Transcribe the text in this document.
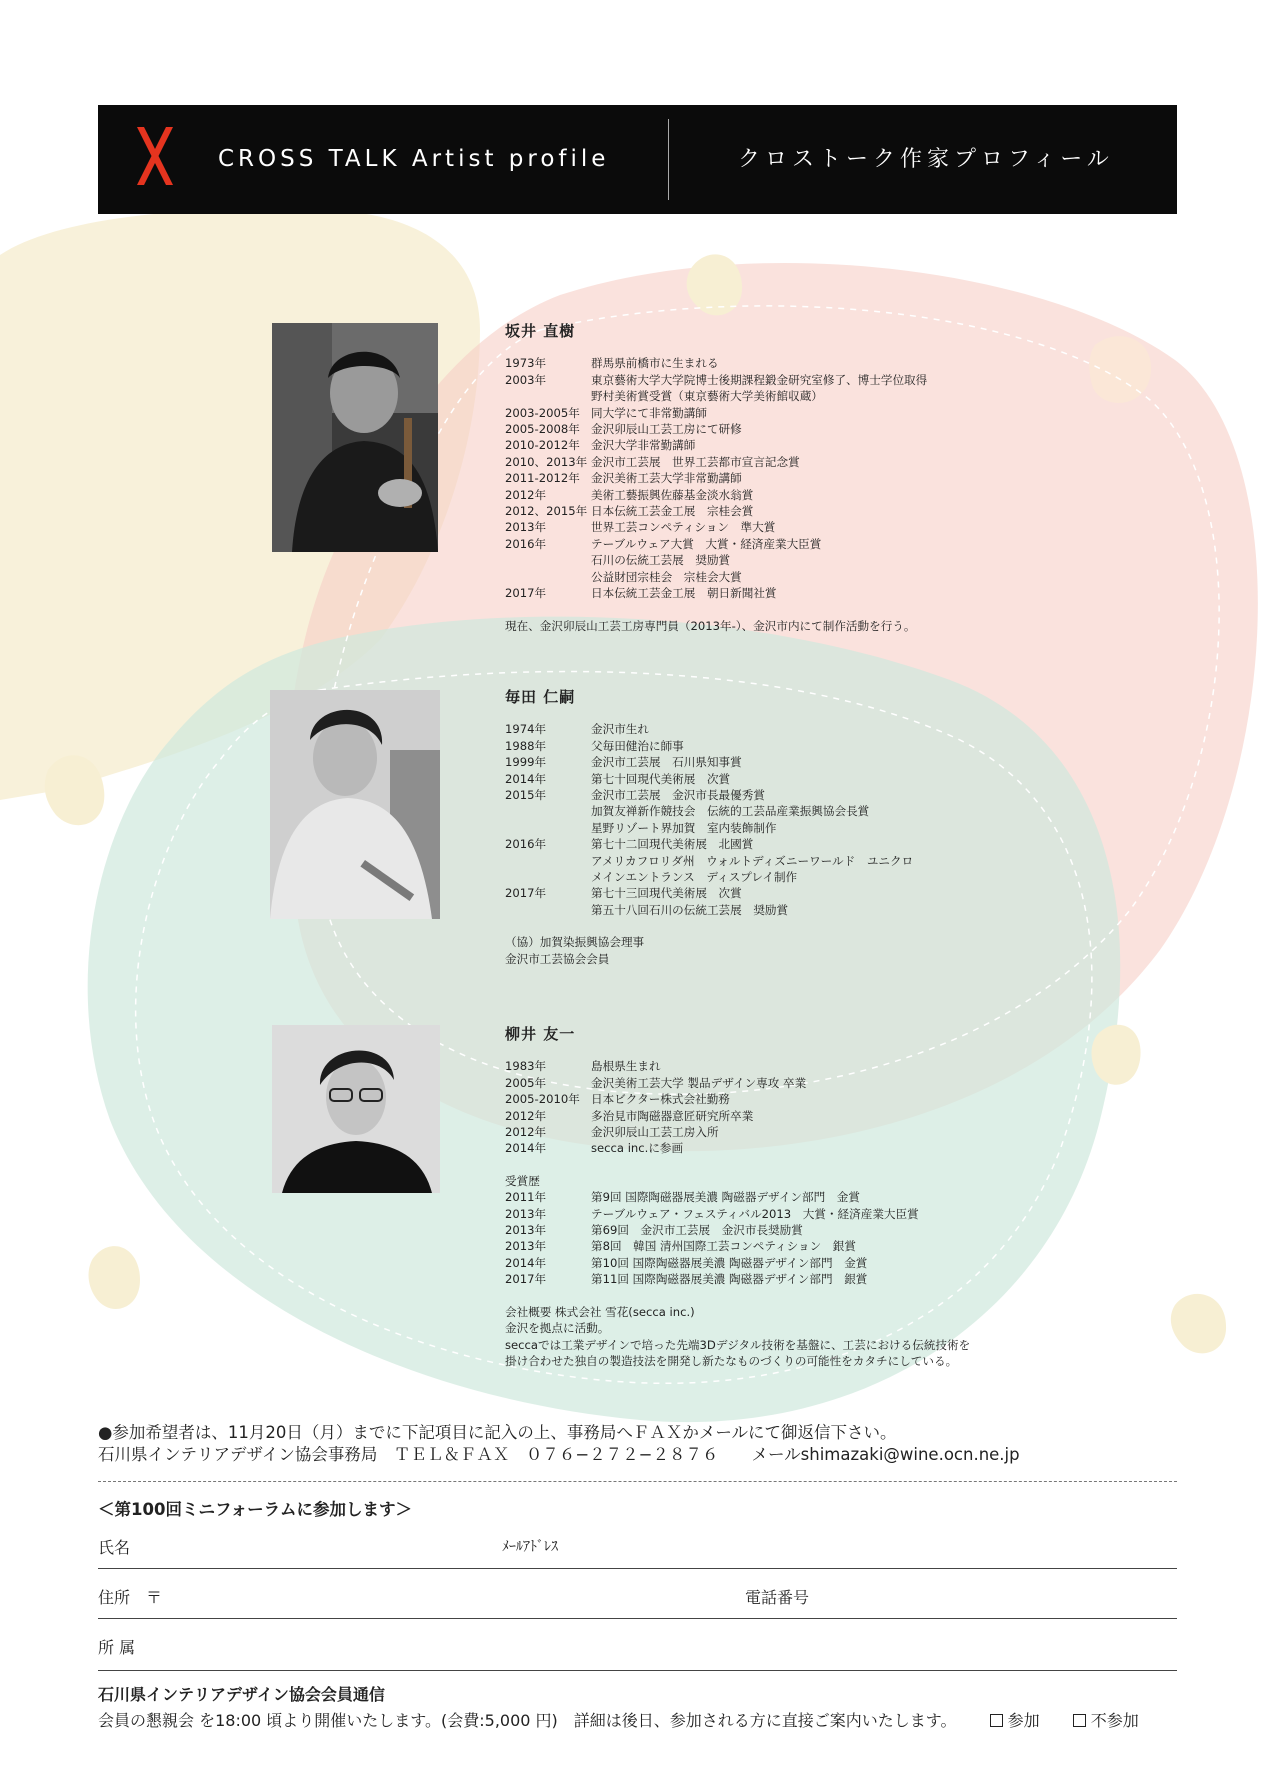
CROSS TALK Artist profile	クロストーク作家プロフィール
坂井 直樹
1973年	群馬県前橋市に生まれる
2003年	東京藝術大学大学院博士後期課程鍛金研究室修了、博士学位取得
野村美術賞受賞（東京藝術大学美術館収蔵）
2003-2005年 同大学にて非常勤講師
2005-2008年 金沢卯辰山工芸工房にて研修
2010-2012年 金沢大学非常勤講師
2010、2013年 金沢市工芸展　世界工芸都市宣言記念賞
2011-2012年 金沢美術工芸大学非常勤講師
2012年	美術工藝振興佐藤基金淡水翁賞
2012、2015年 日本伝統工芸金工展　宗桂会賞
2013年	世界工芸コンペティション　準大賞
2016年	テーブルウェア大賞　大賞・経済産業大臣賞
石川の伝統工芸展　奨励賞
公益財団宗桂会　宗桂会大賞
2017年	日本伝統工芸金工展　朝日新聞社賞
現在、金沢卯辰山工芸工房専門員（2013年-）、金沢市内にて制作活動を行う。
毎田 仁嗣
1974年	金沢市生れ
1988年	父毎田健治に師事
1999年	金沢市工芸展　石川県知事賞
2014年	第七十回現代美術展　次賞
2015年	金沢市工芸展　金沢市長最優秀賞
加賀友禅新作競技会　伝統的工芸品産業振興協会長賞
星野リゾート界加賀　室内装飾制作
2016年	第七十二回現代美術展　北國賞
アメリカフロリダ州　ウォルトディズニーワールド　ユニクロ
メインエントランス　ディスプレイ制作
2017年	第七十三回現代美術展　次賞
第五十八回石川の伝統工芸展　奨励賞
（協）加賀染振興協会理事
金沢市工芸協会会員
柳井 友一
1983年	島根県生まれ
2005年	金沢美術工芸大学 製品デザイン専攻 卒業
2005-2010年 日本ビクター株式会社勤務
2012年	多治見市陶磁器意匠研究所卒業
2012年	金沢卯辰山工芸工房入所
2014年	secca inc.に参画
受賞歴
2011年	第9回 国際陶磁器展美濃 陶磁器デザイン部門　金賞
2013年	テーブルウェア・フェスティバル2013　大賞・経済産業大臣賞
2013年	第69回　金沢市工芸展　金沢市長奨励賞
2013年	第8回　韓国 清州国際工芸コンペティション　銀賞
2014年	第10回 国際陶磁器展美濃 陶磁器デザイン部門　金賞
2017年	第11回 国際陶磁器展美濃 陶磁器デザイン部門　銀賞
会社概要 株式会社 雪花(secca inc.)
金沢を拠点に活動。
seccaでは工業デザインで培った先端3Dデジタル技術を基盤に、工芸における伝統技術を
掛け合わせた独自の製造技法を開発し新たなものづくりの可能性をカタチにしている。
●参加希望者は、11月20日（月）までに下記項目に記入の上、事務局へＦＡＸかメールにて御返信下さい。
石川県インテリアデザイン協会事務局　ＴＥＬ＆ＦＡＸ　０７６−２７２−２８７６　　メールshimazaki@wine.ocn.ne.jp
＜第100回ミニフォーラムに参加します＞
氏名	ﾒｰﾙｱﾄﾞﾚｽ
住所　〒	電話番号
所 属
石川県インテリアデザイン協会会員通信
会員の懇親会 を18:00 頃より開催いたします。(会費:5,000 円)　詳細は後日、参加される方に直接ご案内いたします。	参加	不参加
